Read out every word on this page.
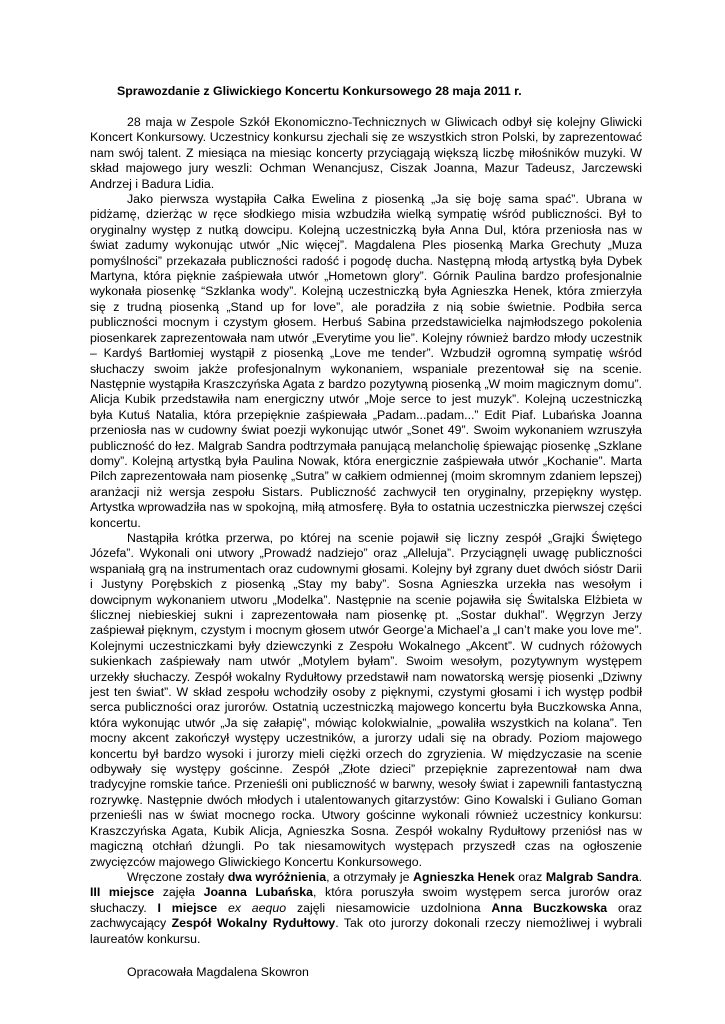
Sprawozdanie z Gliwickiego Koncertu Konkursowego 28 maja 2011 r.

28 maja w Zespole Szkół Ekonomiczno-Technicznych w Gliwicach odbył się kolejny Gliwicki Koncert Konkursowy. Uczestnicy konkursu zjechali się ze wszystkich stron Polski, by zaprezentować nam swój talent. Z miesiąca na miesiąc koncerty przyciągają większą liczbę miłośników muzyki. W skład majowego jury weszli: Ochman Wenancjusz, Ciszak Joanna, Mazur Tadeusz, Jarczewski Andrzej i Badura Lidia.

Jako pierwsza wystąpiła Całka Ewelina z piosenką „Ja się boję sama spać”. Ubrana w pidżamę, dzierżąc w ręce słodkiego misia wzbudziła wielką sympatię wśród publiczności. Był to oryginalny występ z nutką dowcipu. Kolejną uczestniczką była Anna Dul, która przeniosła nas w świat zadumy wykonując utwór „Nic więcej”. Magdalena Ples piosenką Marka Grechuty „Muza pomyślności” przekazała publiczności radość i pogodę ducha. Następną młodą artystką była Dybek Martyna, która pięknie zaśpiewała utwór „Hometown glory”. Górnik Paulina bardzo profesjonalnie wykonała piosenkę “Szklanka wody”. Kolejną uczestniczką była Agnieszka Henek, która zmierzyła się z trudną piosenką „Stand up for love”, ale poradziła z nią sobie świetnie. Podbiła serca publiczności mocnym i czystym głosem. Herbuś Sabina przedstawicielka najmłodszego pokolenia piosenkarek zaprezentowała nam utwór „Everytime you lie”. Kolejny również bardzo młody uczestnik – Kardyś Bartłomiej wystąpił z piosenką „Love me tender”. Wzbudził ogromną sympatię wśród słuchaczy swoim jakże profesjonalnym wykonaniem, wspaniale prezentował się na scenie. Następnie wystąpiła Kraszczyńska Agata z bardzo pozytywną piosenką „W moim magicznym domu”. Alicja Kubik przedstawiła nam energiczny utwór „Moje serce to jest muzyk”. Kolejną uczestniczką była Kutuś Natalia, która przepięknie zaśpiewała „Padam...padam...” Edit Piaf. Lubańska Joanna przeniosła nas w cudowny świat poezji wykonując utwór „Sonet 49”. Swoim wykonaniem wzruszyła publiczność do łez. Malgrab Sandra podtrzymała panującą melancholię śpiewając piosenkę „Szklane domy”. Kolejną artystką była Paulina Nowak, która energicznie zaśpiewała utwór „Kochanie”. Marta Pilch zaprezentowała nam piosenkę „Sutra” w całkiem odmiennej (moim skromnym zdaniem lepszej) aranżacji niż wersja zespołu Sistars. Publiczność zachwycił ten oryginalny, przepiękny występ. Artystka wprowadziła nas w spokojną, miłą atmosferę. Była to ostatnia uczestniczka pierwszej części koncertu.

Nastąpiła krótka przerwa, po której na scenie pojawił się liczny zespół „Grajki Świętego Józefa”. Wykonali oni utwory „Prowadź nadziejo” oraz „Alleluja”. Przyciągnęli uwagę publiczności wspaniałą grą na instrumentach oraz cudownymi głosami. Kolejny był zgrany duet dwóch sióstr Darii i Justyny Porębskich z piosenką „Stay my baby”. Sosna Agnieszka urzekła nas wesołym i dowcipnym wykonaniem utworu „Modelka”. Następnie na scenie pojawiła się Świtalska Elżbieta w ślicznej niebieskiej sukni i zaprezentowała nam piosenkę pt. „Sostar dukhal”. Węgrzyn Jerzy zaśpiewał pięknym, czystym i mocnym głosem utwór George’a Michael’a „I can’t make you love me”. Kolejnymi uczestniczkami były dziewczynki z Zespołu Wokalnego „Akcent”. W cudnych różowych sukienkach zaśpiewały nam utwór „Motylem byłam”. Swoim wesołym, pozytywnym występem urzekły słuchaczy. Zespół wokalny Rydułtowy przedstawił nam nowatorską wersję piosenki „Dziwny jest ten świat”. W skład zespołu wchodziły osoby z pięknymi, czystymi głosami i ich występ podbił serca publiczności oraz jurorów. Ostatnią uczestniczką majowego koncertu była Buczkowska Anna, która wykonując utwór „Ja się załapię”, mówiąc kolokwialnie, „powaliła wszystkich na kolana”. Ten mocny akcent zakończył występy uczestników, a jurorzy udali się na obrady. Poziom majowego koncertu był bardzo wysoki i jurorzy mieli ciężki orzech do zgryzienia. W międzyczasie na scenie odbywały się występy gościnne. Zespół „Złote dzieci” przepięknie zaprezentował nam dwa tradycyjne romskie tańce. Przenieśli oni publiczność w barwny, wesoły świat i zapewnili fantastyczną rozrywkę. Następnie dwóch młodych i utalentowanych gitarzystów: Gino Kowalski i Guliano Goman przenieśli nas w świat mocnego rocka. Utwory gościnne wykonali również uczestnicy konkursu: Kraszczyńska Agata, Kubik Alicja, Agnieszka Sosna. Zespół wokalny Rydułtowy przeniósł nas w magiczną otchłań dżungli. Po tak niesamowitych występach przyszedł czas na ogłoszenie zwycięzców majowego Gliwickiego Koncertu Konkursowego.

Wręczone zostały dwa wyróżnienia, a otrzymały je Agnieszka Henek oraz Malgrab Sandra. III miejsce zajęła Joanna Lubańska, która poruszyła swoim występem serca jurorów oraz słuchaczy. I miejsce ex aequo zajęli niesamowicie uzdolniona Anna Buczkowska oraz zachwycający Zespół Wokalny Rydułtowy. Tak oto jurorzy dokonali rzeczy niemożliwej i wybrali laureatów konkursu.

Opracowała Magdalena Skowron
